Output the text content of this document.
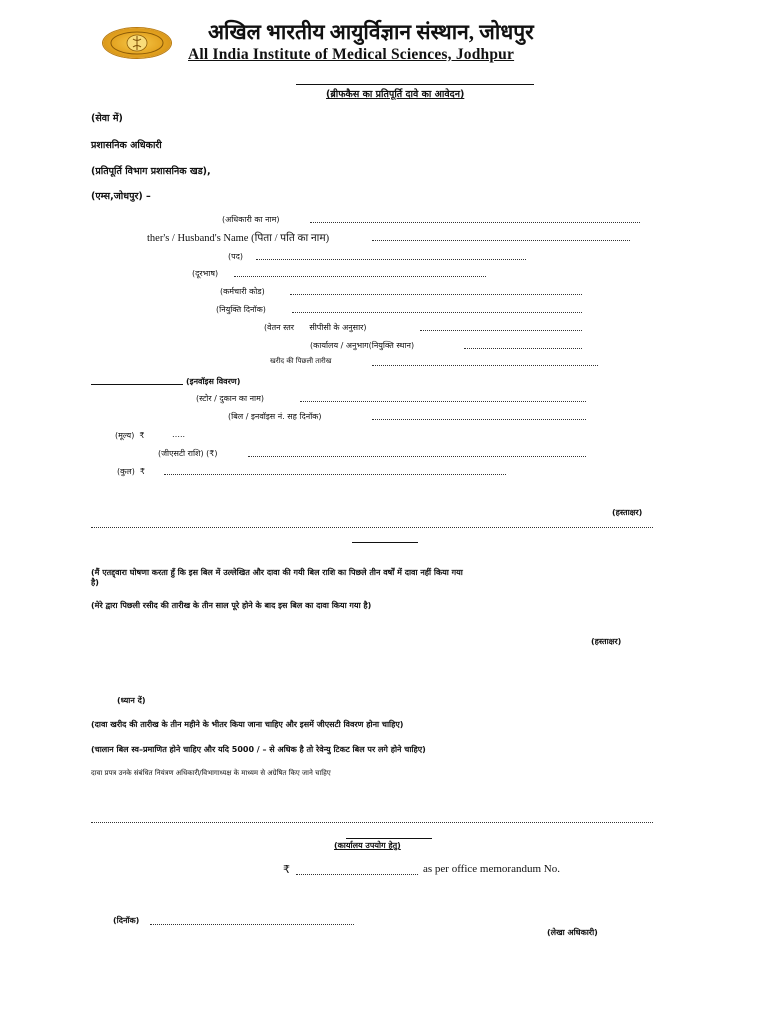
अखिल भारतीय आयुर्विज्ञान संस्थान, जोधपुर
All India Institute of Medical Sciences, Jodhpur
(ब्रीफकैस का प्रतिपूर्ति दावे का आवेदन)
(सेवा में)
प्रशासनिक अधिकारी
(प्रतिपूर्ति विभाग प्रशासनिक खड),
(एम्स,जोधपुर) –
(अधिकारी का नाम)
ther's / Husband's Name (पिता / पति का नाम)
(पद)
(दूरभाष)
(कर्मचारी कोड)
(नियुक्ति दिनॉक)
(वेतन स्तर      सीपीसी के अनुसार)
(कार्यालय / अनुभाग(नियुक्ति स्थान)
खरीद की पिछली तारीख
(इनवॉइस विवरण)
(स्टोर / दुकान का नाम)
(बिल / इनवॉइस नं. सह दिनॉक)
(मूल्य)  ₹	…..
(जीएसटी राशि) (₹)
(कुल)  ₹
(हस्ताक्षर)
(मैं एतद्द्वारा घोषणा करता हुँ कि इस बिल में उल्लेखित और दावा की गयी बिल राशि का पिछले तीन वर्षों में दावा नहीं किया गया
है)
(मेरे द्वारा पिछली रसीद की तारीख के तीन साल पूरे होने के बाद इस बिल का दावा किया गया है)
(हस्ताक्षर)
(ध्यान दें)
(दावा खरीद की तारीख के तीन महीने के भीतर किया जाना चाहिए और इसमें जीएसटी विवरण होना चाहिए)
(चालान बिल स्व–प्रमाणित होने चाहिए और यदि 5000 / – से अधिक है तो रेवेन्यु टिकट बिल पर लगे होने चाहिए)
दावा प्रपत्र उनके संबंधित नियंत्रण अधिकारी/विभागाध्यक्ष के माध्यम से अग्रेषित किए जाने चाहिए
(कार्यालय उपयोग हेतु)
₹	as per office memorandum No.
(दिनॉक)
(लेखा अधिकारी)
